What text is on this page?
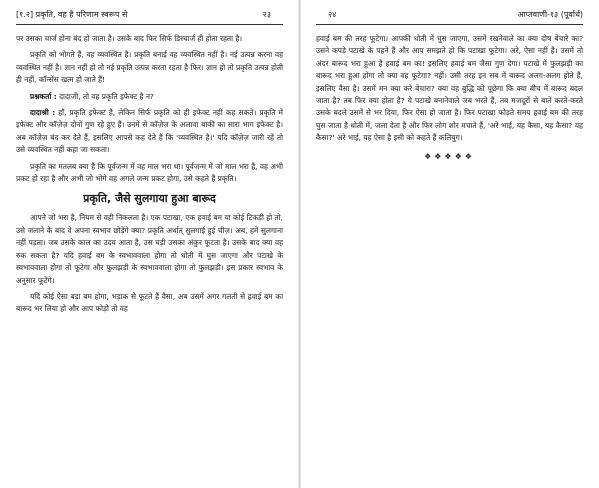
[१.२] प्रकृति, वह है परिणाम स्वरूप से	२३

पर उसका चार्ज होना बंद हो जाता है। उसके बाद फिर सिर्फ डिस्चार्ज ही होता रहता है।

प्रकृति को भोगते हैं, वह व्यवस्थित है। प्रकृति बनाई वह व्यवस्थित नहीं है। नई उत्पन्न करना वह व्यवस्थित नहीं है। ज्ञान नहीं हो तो नई प्रकृति उत्पन्न करता रहता है फिर। ज्ञान हो तो प्रकृति उत्पन्न होती ही नहीं, कॉन्सेंस खत्म हो जाते हैं!

प्रश्नकर्ता : दादाजी, तो वह प्रकृति इफेक्ट है न?

दादाश्री : हाँ, प्रकृति इफेक्ट है, लेकिन सिर्फ प्रकृति को ही इफेक्ट नहीं कह सकते। प्रकृति में इफेक्ट और कॉज़ेज़ दोनों गुण रहे हुए हैं। उनमें से कॉज़ेज़ के अलावा बाकी का सारा भाग इफेक्ट है। अब कॉज़ेज़ बंद कर देते हैं, इसलिए आपसे कह देते हैं कि 'व्यवस्थित है।' यदि कॉज़ेज़ जारी रहें तो उसे व्यवस्थित नहीं कहा जा सकता।

प्रकृति का मतलब क्या है कि पूर्वजन्म में वह माल भरा था। पूर्वजन्म में जो माल भरा है, वह अभी प्रकट हो रहा है और अभी जो भोगे वह अगले जन्म प्रकट होगा, उसे कहते हैं प्रकृति।

प्रकृति, जैसे सुलगाया हुआ बारूद

आपने जो भरा है, नियम से वही निकलता है। एक पटाखा, एक हवाई बम या कोई टिकड़ी हो तो, उसे जलाने के बाद वे अपना स्वभाव छोड़ेंगे क्या? प्रकृति अर्थात् सुलगाई हुई चीज़। अब, हमें सुलगाना नहीं पड़ता। जब उसके काल का उदय आता है, उस घड़ी उसका अंकुर फूटता है। उसके बाद क्या वह रुक सकता है? यदि हवाई बम के स्वभाववाला होगा तो धोती में घुस जाएगा और पटाखे के स्वभाववाला होगा तो फूटेगा और फुलझड़ी के स्वभाववाला होगा तो फुलझड़ी। इस प्रकार स्वभाव के अनुसार फूटेंगे।

यदि कोई ऐसा बड़ा बम होगा, भड़ाक से फूटते हैं वैसा, अब उसमें अगर गलती से हवाई बम का बारूद भर लिया हो और आप फोड़ो तो वह

२४	आप्तवाणी-१३ (पूर्वार्ध)

हवाई बम की तरह फूटेगा। आपकी धोती में घुस जाएगा, उसमें रखनेवाले का क्या दोष बेचारे का? उसने कपड़े पटाखे के पहने हैं और आप समझते हो कि पटाखा फूटेगा। अरे, ऐसा नहीं है। उसमें तो अंदर बारूद भरा हुआ है हवाई बम का! इसलिए हवाई बम जैसा गुण देगा। पटाखे में फुलझड़ी का बारूद भरा हुआ होगा तो क्या वह फूटेगा? नहीं। उसी तरह इन सब में बारूद अलग-अलग होते हैं, इसलिए वैसा है। उसमें मन क्या करे बेचारा? क्या वह बुद्धि को पूछेगा कि क्या बीच में बारूद बदल जाता है? तब फिर क्या होता है? ये पटाखे बनानेवाले जब भरते हैं, तब मजदूरों से बातें करते-करते उसके बदले उसमें से भर दिया, फिर ऐसा हो जाता है। फिर पटाखा फोड़ते समय हवाई बम की तरह घुस जाता है धोती में, जला देता है और फिर लोग शोर मचाते हैं, 'अरे भाई, यह कैसा, यह कैसा? यह कैसा?' अरे भाई, यह ऐसा है इसी को कहते हैं कलियुग।

❖❖❖❖❖
